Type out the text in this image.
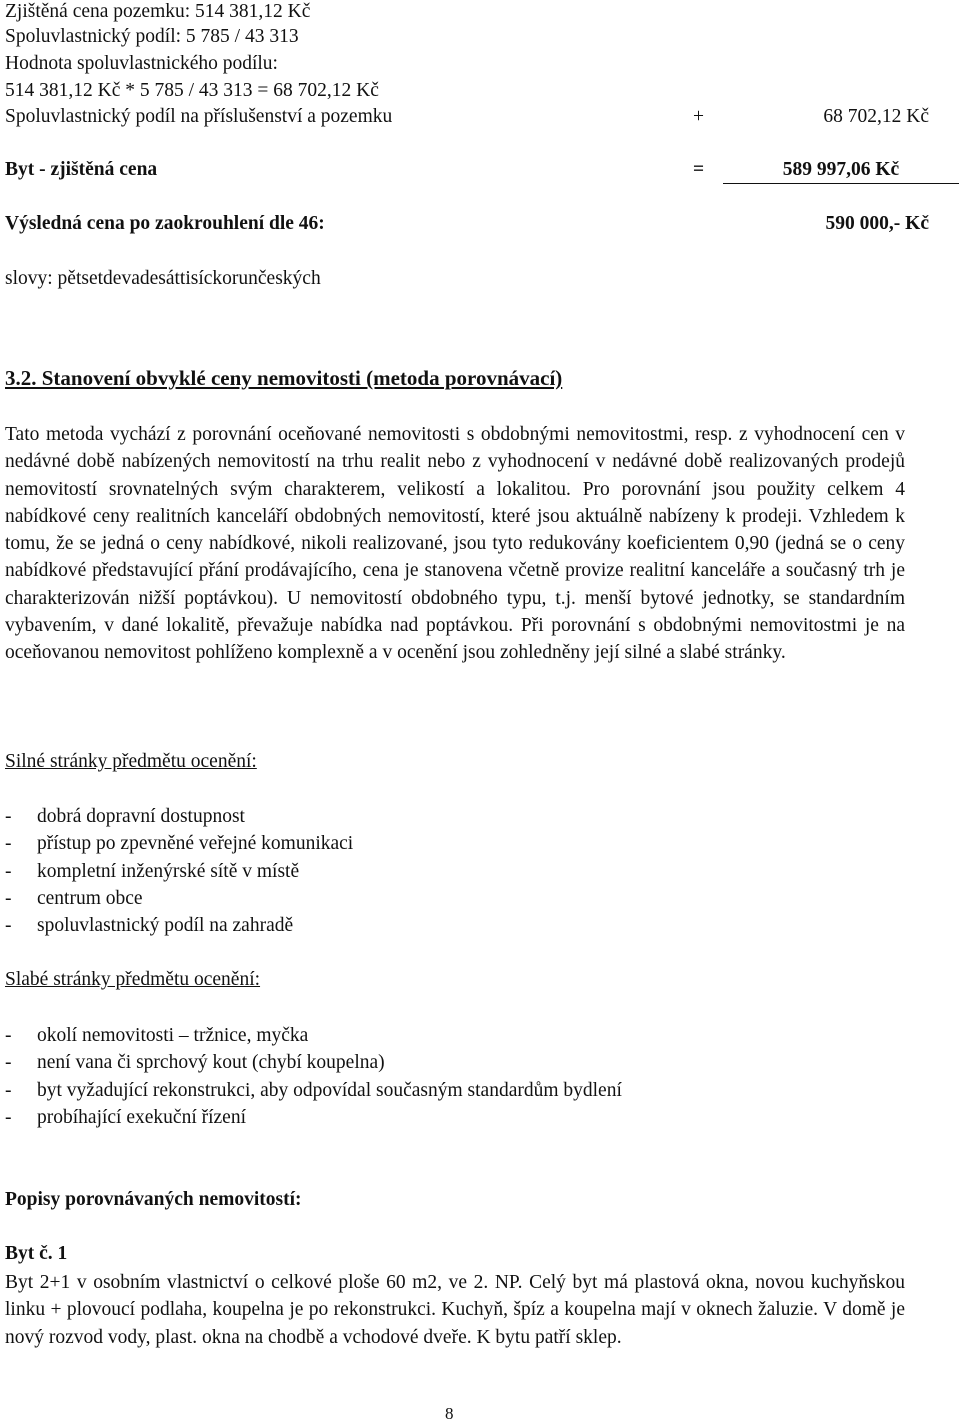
Zjištěná cena pozemku: 514 381,12 Kč
Spoluvlastnický podíl: 5 785 / 43 313
Hodnota spoluvlastnického podílu:
514 381,12 Kč * 5 785 / 43 313 = 68 702,12 Kč
Spoluvlastnický podíl na příslušenství a pozemku	+	68 702,12 Kč
Byt - zjištěná cena	=	589 997,06 Kč
Výsledná cena po zaokrouhlení dle 46:	590 000,- Kč
slovy: pětsetdevadesáttisíckorunčeských
3.2. Stanovení obvyklé ceny nemovitosti (metoda porovnávací)
Tato metoda vychází z porovnání oceňované nemovitosti s obdobnými nemovitostmi, resp. z vyhodnocení cen v nedávné době nabízených nemovitostí na trhu realit nebo z vyhodnocení v nedávné době realizovaných prodejů nemovitostí srovnatelných svým charakterem, velikostí a lokalitou. Pro porovnání jsou použity celkem 4 nabídkové ceny realitních kanceláří obdobných nemovitostí, které jsou aktuálně nabízeny k prodeji. Vzhledem k tomu, že se jedná o ceny nabídkové, nikoli realizované, jsou tyto redukovány koeficientem 0,90 (jedná se o ceny nabídkové představující přání prodávajícího, cena je stanovena včetně provize realitní kanceláře a současný trh je charakterizován nižší poptávkou). U nemovitostí obdobného typu, t.j. menší bytové jednotky, se standardním vybavením, v dané lokalitě, převažuje nabídka nad poptávkou. Při porovnání s obdobnými nemovitostmi je na oceňovanou nemovitost pohlíženo komplexně a v ocenění jsou zohledněny její silné a slabé stránky.
Silné stránky předmětu ocenění:
- dobrá dopravní dostupnost
- přístup po zpevněné veřejné komunikaci
- kompletní inženýrské sítě v místě
- centrum obce
- spoluvlastnický podíl na zahradě
Slabé stránky předmětu ocenění:
- okolí nemovitosti – tržnice, myčka
- není vana či sprchový kout (chybí koupelna)
- byt vyžadující rekonstrukci, aby odpovídal současným standardům bydlení
- probíhající exekuční řízení
Popisy porovnávaných nemovitostí:
Byt č. 1
Byt 2+1 v osobním vlastnictví o celkové ploše 60 m2, ve 2. NP. Celý byt má plastová okna, novou kuchyňskou linku + plovoucí podlaha, koupelna je po rekonstrukci. Kuchyň, špíz a koupelna mají v oknech žaluzie. V domě je nový rozvod vody, plast. okna na chodbě a vchodové dveře. K bytu patří sklep.
8
